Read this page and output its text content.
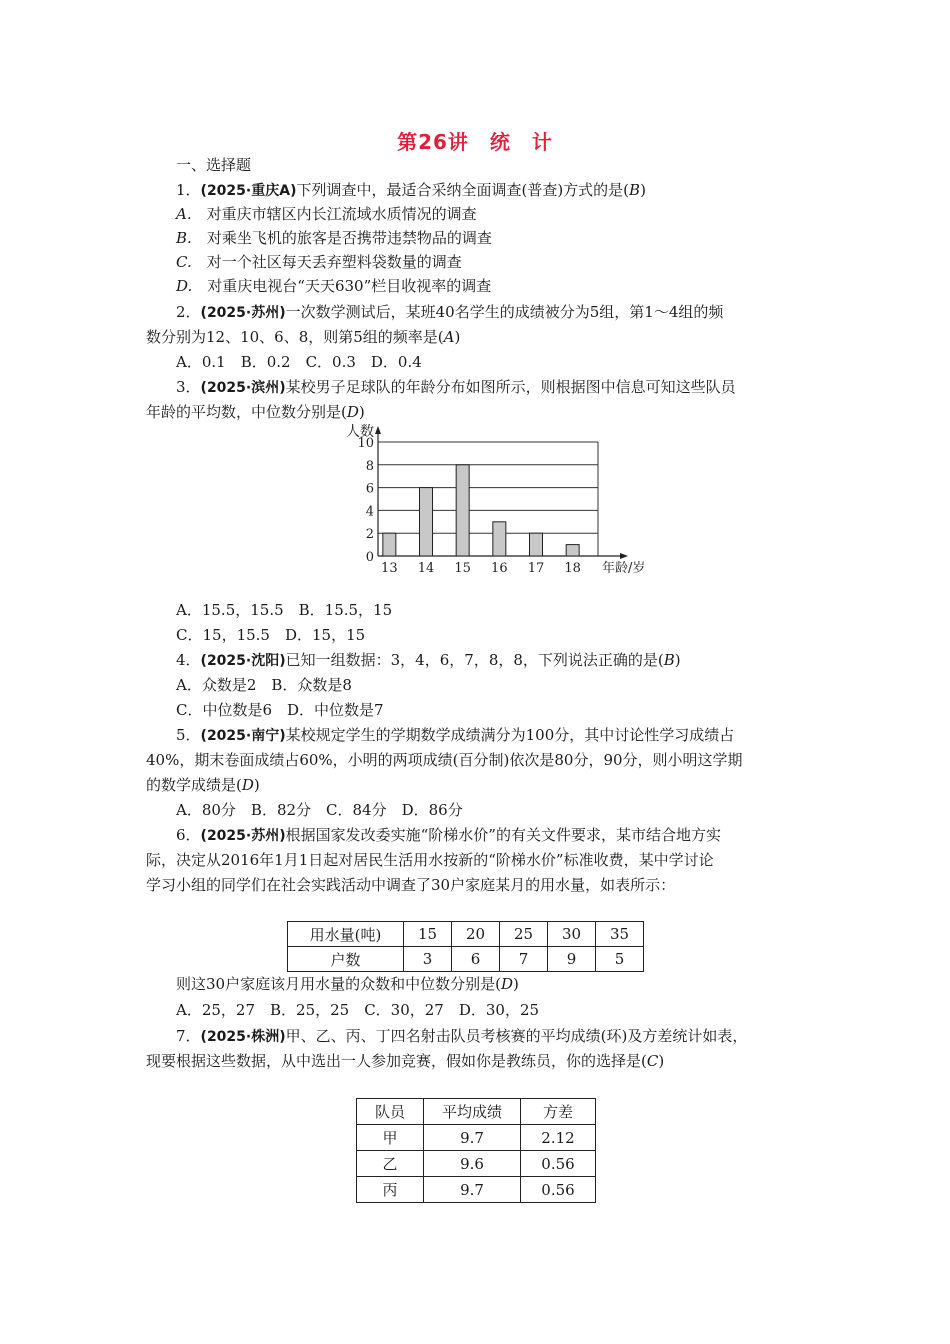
第26讲　统　计
一、选择题
1．(2025·重庆A)下列调查中，最适合采纳全面调查(普查)方式的是(B)
A.　 对重庆市辖区内长江流域水质情况的调查
B.　 对乘坐飞机的旅客是否携带违禁物品的调查
C.　 对一个社区每天丢弃塑料袋数量的调查
D.　 对重庆电视台“天天630”栏目收视率的调查
2．(2025·苏州)一次数学测试后，某班40名学生的成绩被分为5组，第1～4组的频
数分别为12、10、6、8，则第5组的频率是(A)
A．0.1　B．0.2　C．0.3　D．0.4
3．(2025·滨州)某校男子足球队的年龄分布如图所示，则根据图中信息可知这些队员
年龄的平均数，中位数分别是(D)
0
2
4
6
8
10
人数
13 14 15 16 17 18 年龄/岁
A．15.5，15.5　B．15.5，15
C．15，15.5　D．15，15
4．(2025·沈阳)已知一组数据：3，4，6，7，8，8，下列说法正确的是(B)
A．众数是2　B．众数是8
C．中位数是6　D．中位数是7
5．(2025·南宁)某校规定学生的学期数学成绩满分为100分，其中讨论性学习成绩占
40%，期末卷面成绩占60%，小明的两项成绩(百分制)依次是80分，90分，则小明这学期
的数学成绩是(D)
A．80分　B．82分　C．84分　D．86分
6．(2025·苏州)根据国家发改委实施“阶梯水价”的有关文件要求，某市结合地方实
际，决定从2016年1月1日起对居民生活用水按新的“阶梯水价”标准收费，某中学讨论
学习小组的同学们在社会实践活动中调查了30户家庭某月的用水量，如表所示：
用水量(吨)	15	20	25	30	35
户数	3	6	7	9	5
则这30户家庭该月用水量的众数和中位数分别是(D)
A．25，27　B．25，25　C．30，27　D．30，25
7．(2025·株洲)甲、乙、丙、丁四名射击队员考核赛的平均成绩(环)及方差统计如表，
现要根据这些数据，从中选出一人参加竞赛，假如你是教练员，你的选择是(C)
队员	平均成绩	方差
甲	9.7	2.12
乙	9.6	0.56
丙	9.7	0.56
